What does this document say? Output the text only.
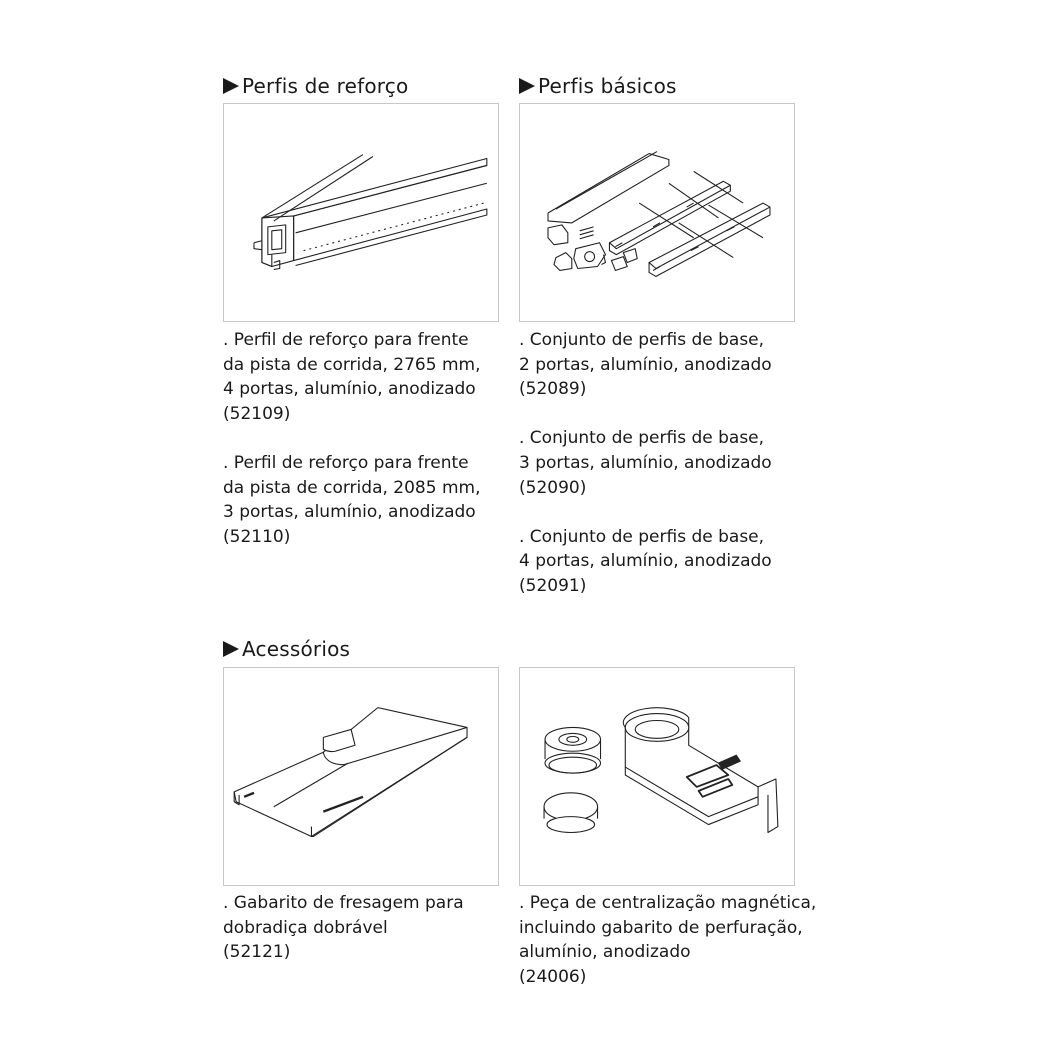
Perfis de reforço	Perfis básicos
Acessórios

. Perfil de reforço para frente

da pista de corrida, 2765 mm,

4 portas, alumínio, anodizado

(52109)

. Perfil de reforço para frente

da pista de corrida, 2085 mm,

3 portas, alumínio, anodizado

(52110)

. Conjunto de perfis de base,

2 portas, alumínio, anodizado

(52089)

. Conjunto de perfis de base,

3 portas, alumínio, anodizado

(52090)

. Conjunto de perfis de base,

4 portas, alumínio, anodizado

(52091)

. Gabarito de fresagem para

dobradiça dobrável

(52121)

. Peça de centralização magnética,

incluindo gabarito de perfuração,

alumínio, anodizado

(24006)
